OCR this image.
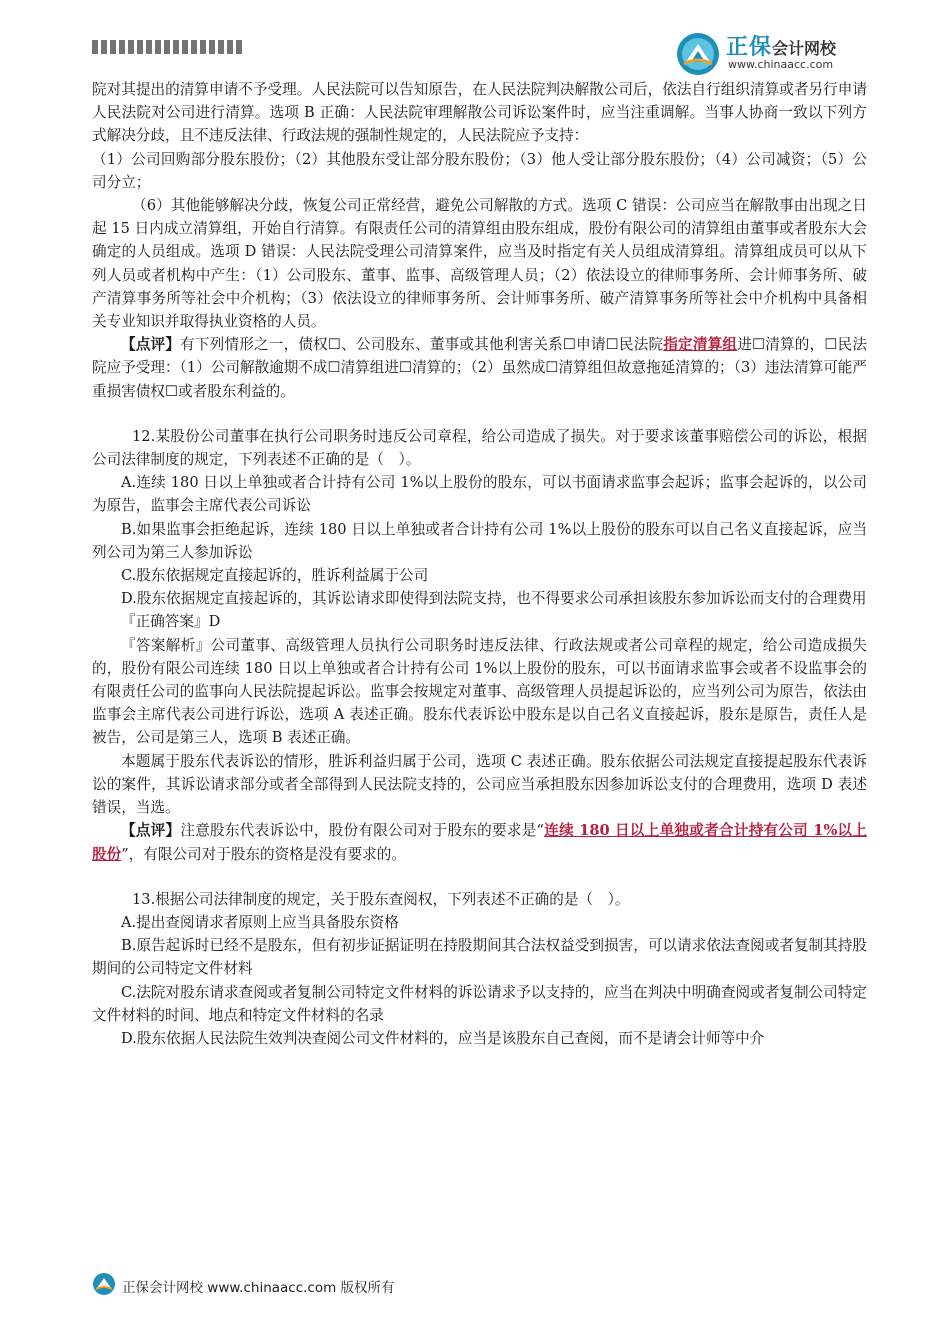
正保会计网校
www.chinaacc.com

院对其提出的清算申请不予受理。人民法院可以告知原告，在人民法院判决解散公司后，依法自行组织清算或者另行申请人民法院对公司进行清算。选项 B 正确：人民法院审理解散公司诉讼案件时，应当注重调解。当事人协商一致以下列方式解决分歧，且不违反法律、行政法规的强制性规定的，人民法院应予支持：

（1）公司回购部分股东股份；（2）其他股东受让部分股东股份；（3）他人受让部分股东股份；（4）公司减资；（5）公司分立；

（6）其他能够解决分歧，恢复公司正常经营，避免公司解散的方式。选项 C 错误：公司应当在解散事由出现之日起 15 日内成立清算组，开始自行清算。有限责任公司的清算组由股东组成，股份有限公司的清算组由董事或者股东大会确定的人员组成。选项 D 错误：人民法院受理公司清算案件，应当及时指定有关人员组成清算组。清算组成员可以从下列人员或者机构中产生：（1）公司股东、董事、监事、高级管理人员；（2）依法设立的律师事务所、会计师事务所、破产清算事务所等社会中介机构；（3）依法设立的律师事务所、会计师事务所、破产清算事务所等社会中介机构中具备相关专业知识并取得执业资格的人员。

【点评】有下列情形之一，债权☐、公司股东、董事或其他利害关系☐申请☐民法院指定清算组进☐清算的，☐民法院应予受理：（1）公司解散逾期不成☐清算组进☐清算的；（2）虽然成☐清算组但故意拖延清算的；（3）违法清算可能严重损害债权☐或者股东利益的。

12.某股份公司董事在执行公司职务时违反公司章程，给公司造成了损失。对于要求该董事赔偿公司的诉讼，根据公司法律制度的规定，下列表述不正确的是（　）。

A.连续 180 日以上单独或者合计持有公司 1%以上股份的股东，可以书面请求监事会起诉；监事会起诉的，以公司为原告，监事会主席代表公司诉讼

B.如果监事会拒绝起诉，连续 180 日以上单独或者合计持有公司 1%以上股份的股东可以自己名义直接起诉，应当列公司为第三人参加诉讼

C.股东依据规定直接起诉的，胜诉利益属于公司

D.股东依据规定直接起诉的，其诉讼请求即使得到法院支持，也不得要求公司承担该股东参加诉讼而支付的合理费用

『正确答案』D

『答案解析』公司董事、高级管理人员执行公司职务时违反法律、行政法规或者公司章程的规定，给公司造成损失的，股份有限公司连续 180 日以上单独或者合计持有公司 1%以上股份的股东，可以书面请求监事会或者不设监事会的有限责任公司的监事向人民法院提起诉讼。监事会按规定对董事、高级管理人员提起诉讼的，应当列公司为原告，依法由监事会主席代表公司进行诉讼，选项 A 表述正确。股东代表诉讼中股东是以自己名义直接起诉，股东是原告，责任人是被告，公司是第三人，选项 B 表述正确。

本题属于股东代表诉讼的情形，胜诉利益归属于公司，选项 C 表述正确。股东依据公司法规定直接提起股东代表诉讼的案件，其诉讼请求部分或者全部得到人民法院支持的，公司应当承担股东因参加诉讼支付的合理费用，选项 D 表述错误，当选。

【点评】注意股东代表诉讼中，股份有限公司对于股东的要求是“连续 180 日以上单独或者合计持有公司 1%以上股份”，有限公司对于股东的资格是没有要求的。

13.根据公司法律制度的规定，关于股东查阅权，下列表述不正确的是（　）。

A.提出查阅请求者原则上应当具备股东资格

B.原告起诉时已经不是股东，但有初步证据证明在持股期间其合法权益受到损害，可以请求依法查阅或者复制其持股期间的公司特定文件材料

C.法院对股东请求查阅或者复制公司特定文件材料的诉讼请求予以支持的，应当在判决中明确查阅或者复制公司特定文件材料的时间、地点和特定文件材料的名录

D.股东依据人民法院生效判决查阅公司文件材料的，应当是该股东自己查阅，而不是请会计师等中介

正保会计网校 www.chinaacc.com 版权所有
